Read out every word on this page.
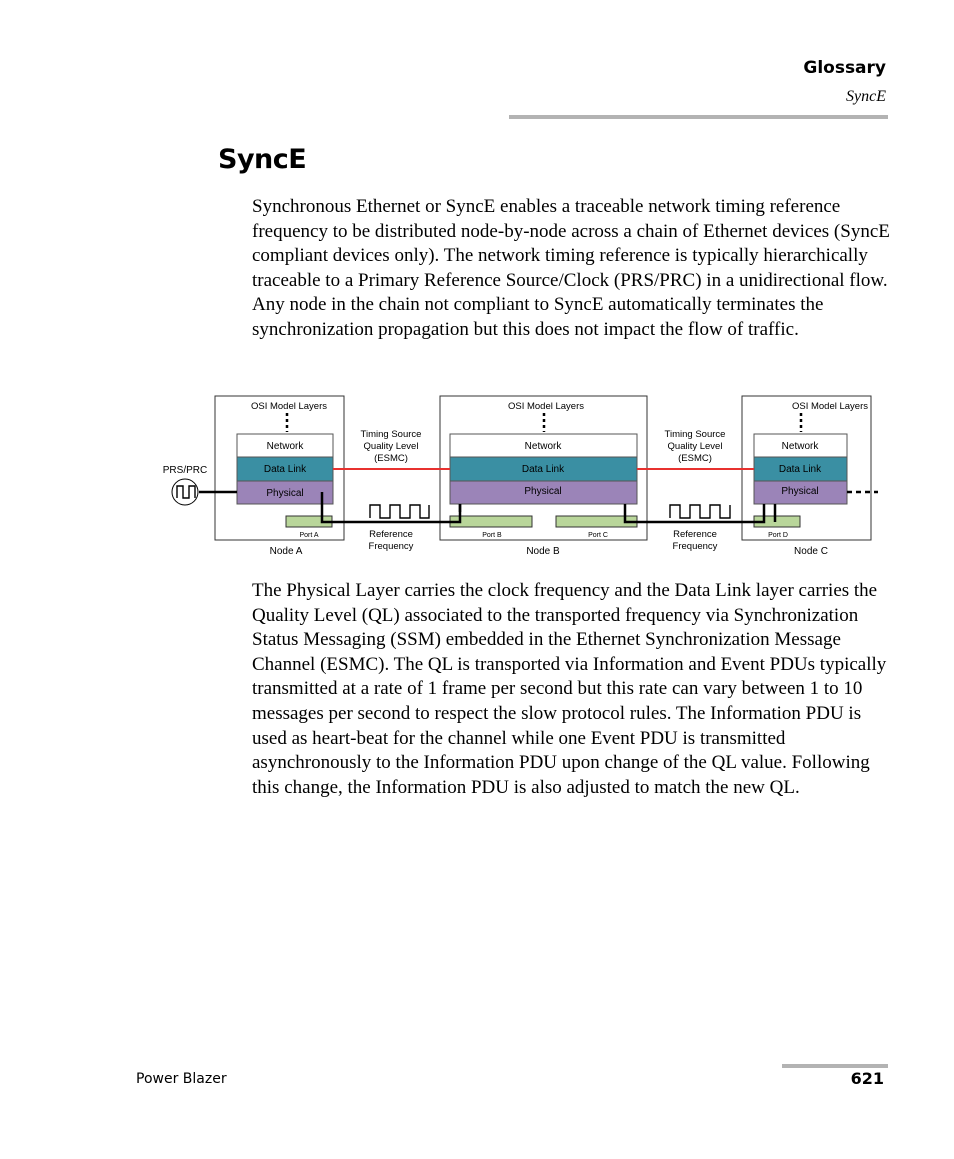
Glossary
SyncE
SyncE

Synchronous Ethernet or SyncE enables a traceable network timing reference frequency to be distributed node-by-node across a chain of Ethernet devices (SyncE compliant devices only). The network timing reference is typically hierarchically traceable to a Primary Reference Source/Clock (PRS/PRC) in a unidirectional flow. Any node in the chain not compliant to SyncE automatically terminates the synchronization propagation but this does not impact the flow of traffic.

OSI Model Layers	OSI Model Layers	OSI Model Layers
Network
Data Link
Physical
Network
Data Link
Physical
Network
Data Link
Physical
Timing Source
Quality Level
(ESMC)
Timing Source
Quality Level
(ESMC)
Port A	Port B	Port C	Port D
PRS/PRC
Reference
Frequency
Reference
Frequency
Node A	Node B	Node C

The Physical Layer carries the clock frequency and the Data Link layer carries the Quality Level (QL) associated to the transported frequency via Synchronization Status Messaging (SSM) embedded in the Ethernet Synchronization Message Channel (ESMC). The QL is transported via Information and Event PDUs typically transmitted at a rate of 1 frame per second but this rate can vary between 1 to 10 messages per second to respect the slow protocol rules. The Information PDU is used as heart-beat for the channel while one Event PDU is transmitted asynchronously to the Information PDU upon change of the QL value. Following this change, the Information PDU is also adjusted to match the new QL.

Power Blazer	621
